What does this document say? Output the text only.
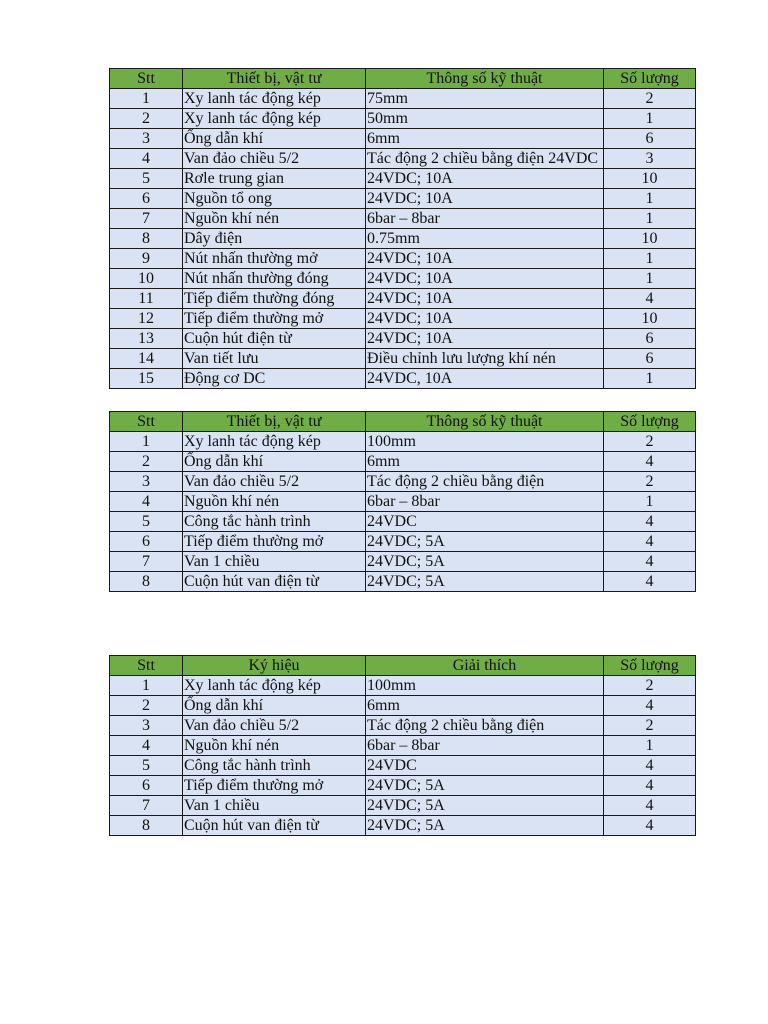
Stt	Thiết bị, vật tư	Thông số kỹ thuật	Số lượng
1	Xy lanh tác động kép	75mm	2
2	Xy lanh tác động kép	50mm	1
3	Ống dẫn khí	6mm	6
4	Van đảo chiều 5/2	Tác động 2 chiều bằng điện 24VDC	3
5	Rơle trung gian	24VDC; 10A	10
6	Nguồn tổ ong	24VDC; 10A	1
7	Nguồn khí nén	6bar – 8bar	1
8	Dây điện	0.75mm	10
9	Nút nhấn thường mở	24VDC; 10A	1
10	Nút nhấn thường đóng	24VDC; 10A	1
11	Tiếp điểm thường đóng	24VDC; 10A	4
12	Tiếp điểm thường mở	24VDC; 10A	10
13	Cuộn hút điện từ	24VDC; 10A	6
14	Van tiết lưu	Điều chỉnh lưu lượng khí nén	6
15	Động cơ DC	24VDC, 10A	1
Stt	Thiết bị, vật tư	Thông số kỹ thuật	Số lượng
1	Xy lanh tác động kép	100mm	2
2	Ống dẫn khí	6mm	4
3	Van đảo chiều 5/2	Tác động 2 chiều bằng điện	2
4	Nguồn khí nén	6bar – 8bar	1
5	Công tắc hành trình	24VDC	4
6	Tiếp điểm thường mở	24VDC; 5A	4
7	Van 1 chiều	24VDC; 5A	4
8	Cuộn hút van điện từ	24VDC; 5A	4
Stt	Ký hiệu	Giải thích	Số lượng
1	Xy lanh tác động kép	100mm	2
2	Ống dẫn khí	6mm	4
3	Van đảo chiều 5/2	Tác động 2 chiều bằng điện	2
4	Nguồn khí nén	6bar – 8bar	1
5	Công tắc hành trình	24VDC	4
6	Tiếp điểm thường mở	24VDC; 5A	4
7	Van 1 chiều	24VDC; 5A	4
8	Cuộn hút van điện từ	24VDC; 5A	4
